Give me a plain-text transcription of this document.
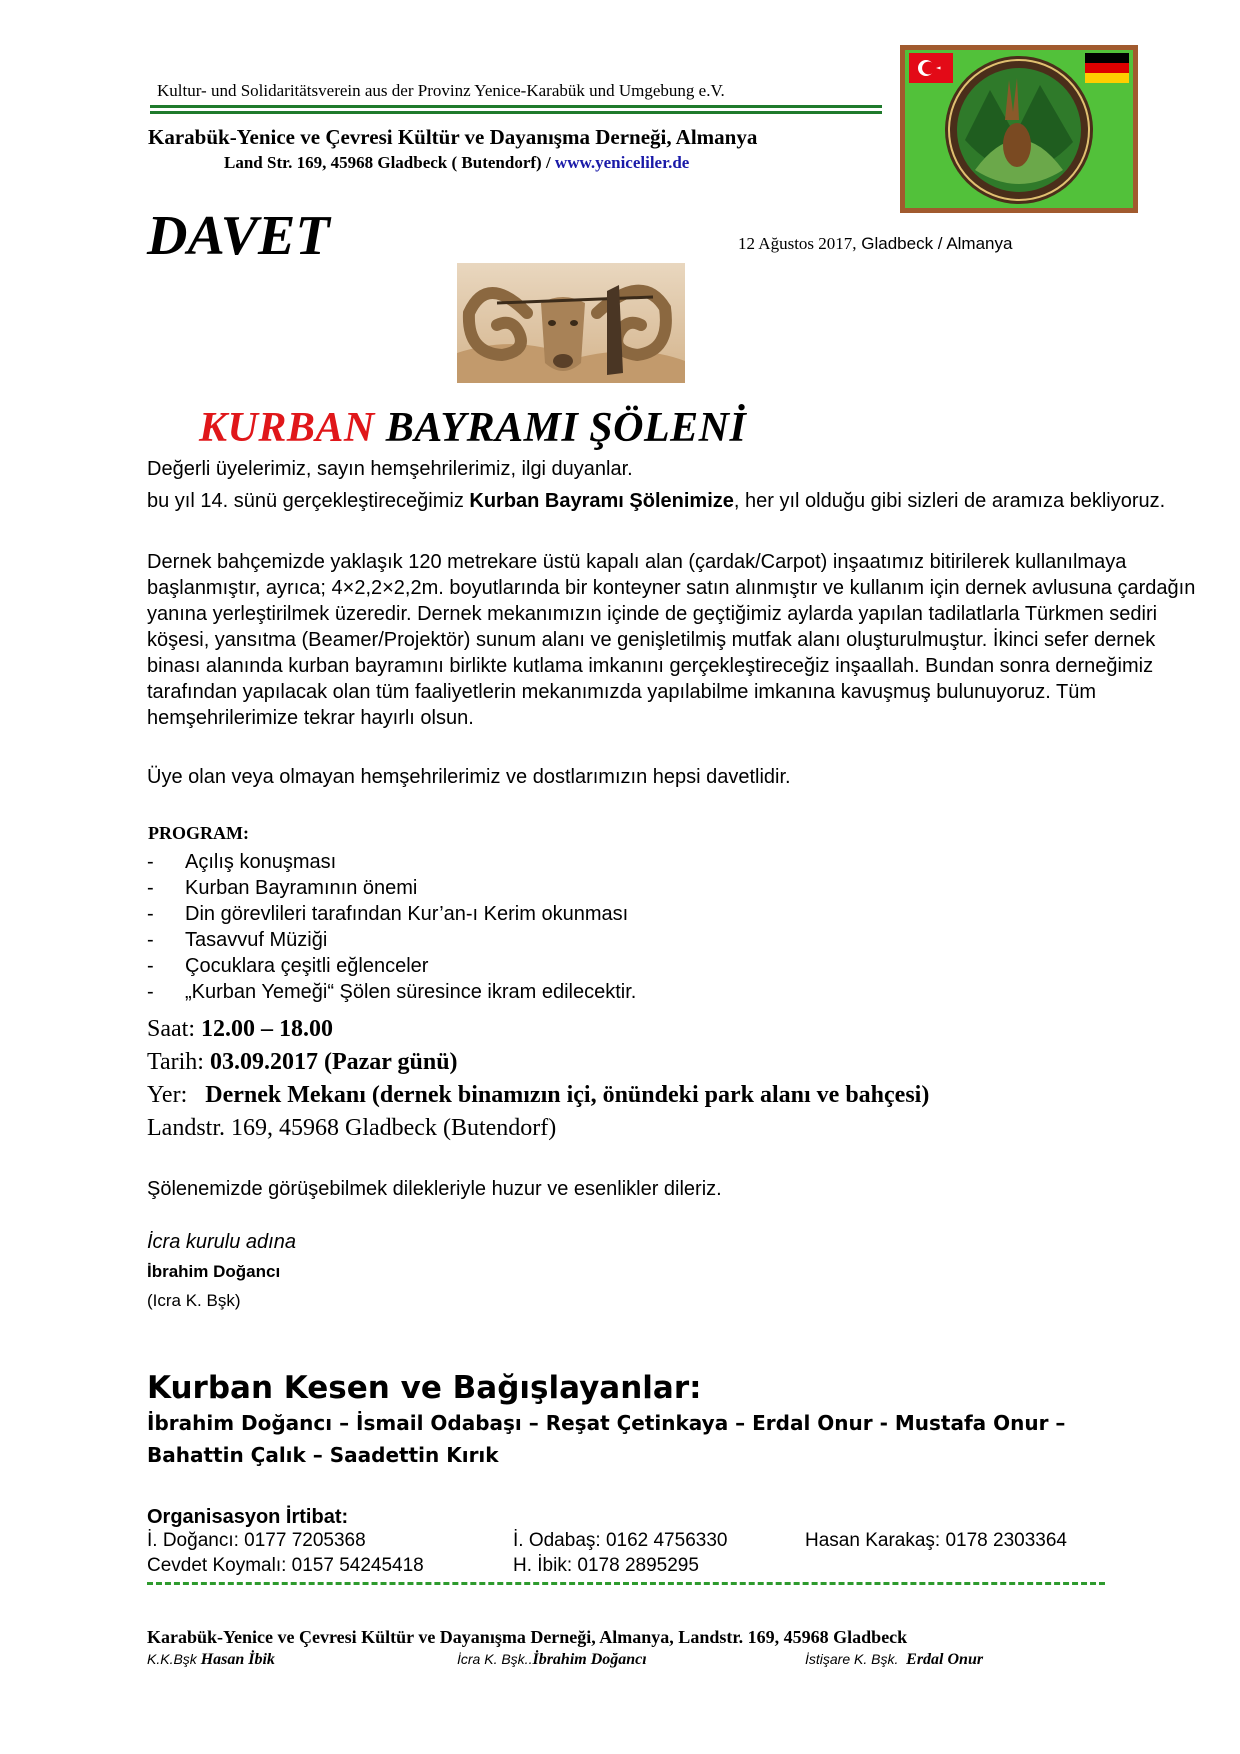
Kultur- und Solidaritätsverein aus der Provinz Yenice-Karabük und Umgebung e.V.
Karabük-Yenice ve Çevresi Kültür ve Dayanışma Derneği, Almanya
Land Str. 169, 45968 Gladbeck ( Butendorf) / www.yeniceliler.de
DAVET	12 Ağustos 2017, Gladbeck / Almanya
KURBAN BAYRAMI ŞÖLENİ
Değerli üyelerimiz, sayın hemşehrilerimiz, ilgi duyanlar.
bu yıl 14. sünü gerçekleştireceğimiz Kurban Bayramı Şölenimize, her yıl olduğu gibi sizleri de aramıza bekliyoruz.
Dernek bahçemizde yaklaşık 120 metrekare üstü kapalı alan (çardak/Carpot) inşaatımız bitirilerek kullanılmaya başlanmıştır, ayrıca; 4×2,2×2,2m. boyutlarında bir konteyner satın alınmıştır ve kullanım için dernek avlusuna çardağın yanına yerleştirilmek üzeredir. Dernek mekanımızın içinde de geçtiğimiz aylarda yapılan tadilatlarla Türkmen sediri köşesi, yansıtma (Beamer/Projektör) sunum alanı ve genişletilmiş mutfak alanı oluşturulmuştur. İkinci sefer dernek binası alanında kurban bayramını birlikte kutlama imkanını gerçekleştireceğiz inşaallah. Bundan sonra derneğimiz tarafından yapılacak olan tüm faaliyetlerin mekanımızda yapılabilme imkanına kavuşmuş bulunuyoruz. Tüm hemşehrilerimize tekrar hayırlı olsun.
Üye olan veya olmayan hemşehrilerimiz ve dostlarımızın hepsi davetlidir.
PROGRAM:
- Açılış konuşması
- Kurban Bayramının önemi
- Din görevlileri tarafından Kur’an-ı Kerim okunması
- Tasavvuf Müziği
- Çocuklara çeşitli eğlenceler
- „Kurban Yemeği“ Şölen süresince ikram edilecektir.
Saat: 12.00 – 18.00
Tarih: 03.09.2017 (Pazar günü)
Yer:   Dernek Mekanı (dernek binamızın içi, önündeki park alanı ve bahçesi)
Landstr. 169, 45968 Gladbeck (Butendorf)
Şölenemizde görüşebilmek dilekleriyle huzur ve esenlikler dileriz.
İcra kurulu adına
İbrahim Doğancı
(Icra K. Bşk)
Kurban Kesen ve Bağışlayanlar:
İbrahim Doğancı – İsmail Odabaşı – Reşat Çetinkaya – Erdal Onur - Mustafa Onur –
Bahattin Çalık – Saadettin Kırık
Organisasyon İrtibat:
İ. Doğancı: 0177 7205368	İ. Odabaş: 0162 4756330	Hasan Karakaş: 0178 2303364
Cevdet Koymalı: 0157 54245418	H. İbik: 0178 2895295
Karabük-Yenice ve Çevresi Kültür ve Dayanışma Derneği, Almanya, Landstr. 169, 45968 Gladbeck
K.K.Bşk Hasan İbik	İcra K. Bşk..İbrahim Doğancı	İstişare K. Bşk.  Erdal Onur
